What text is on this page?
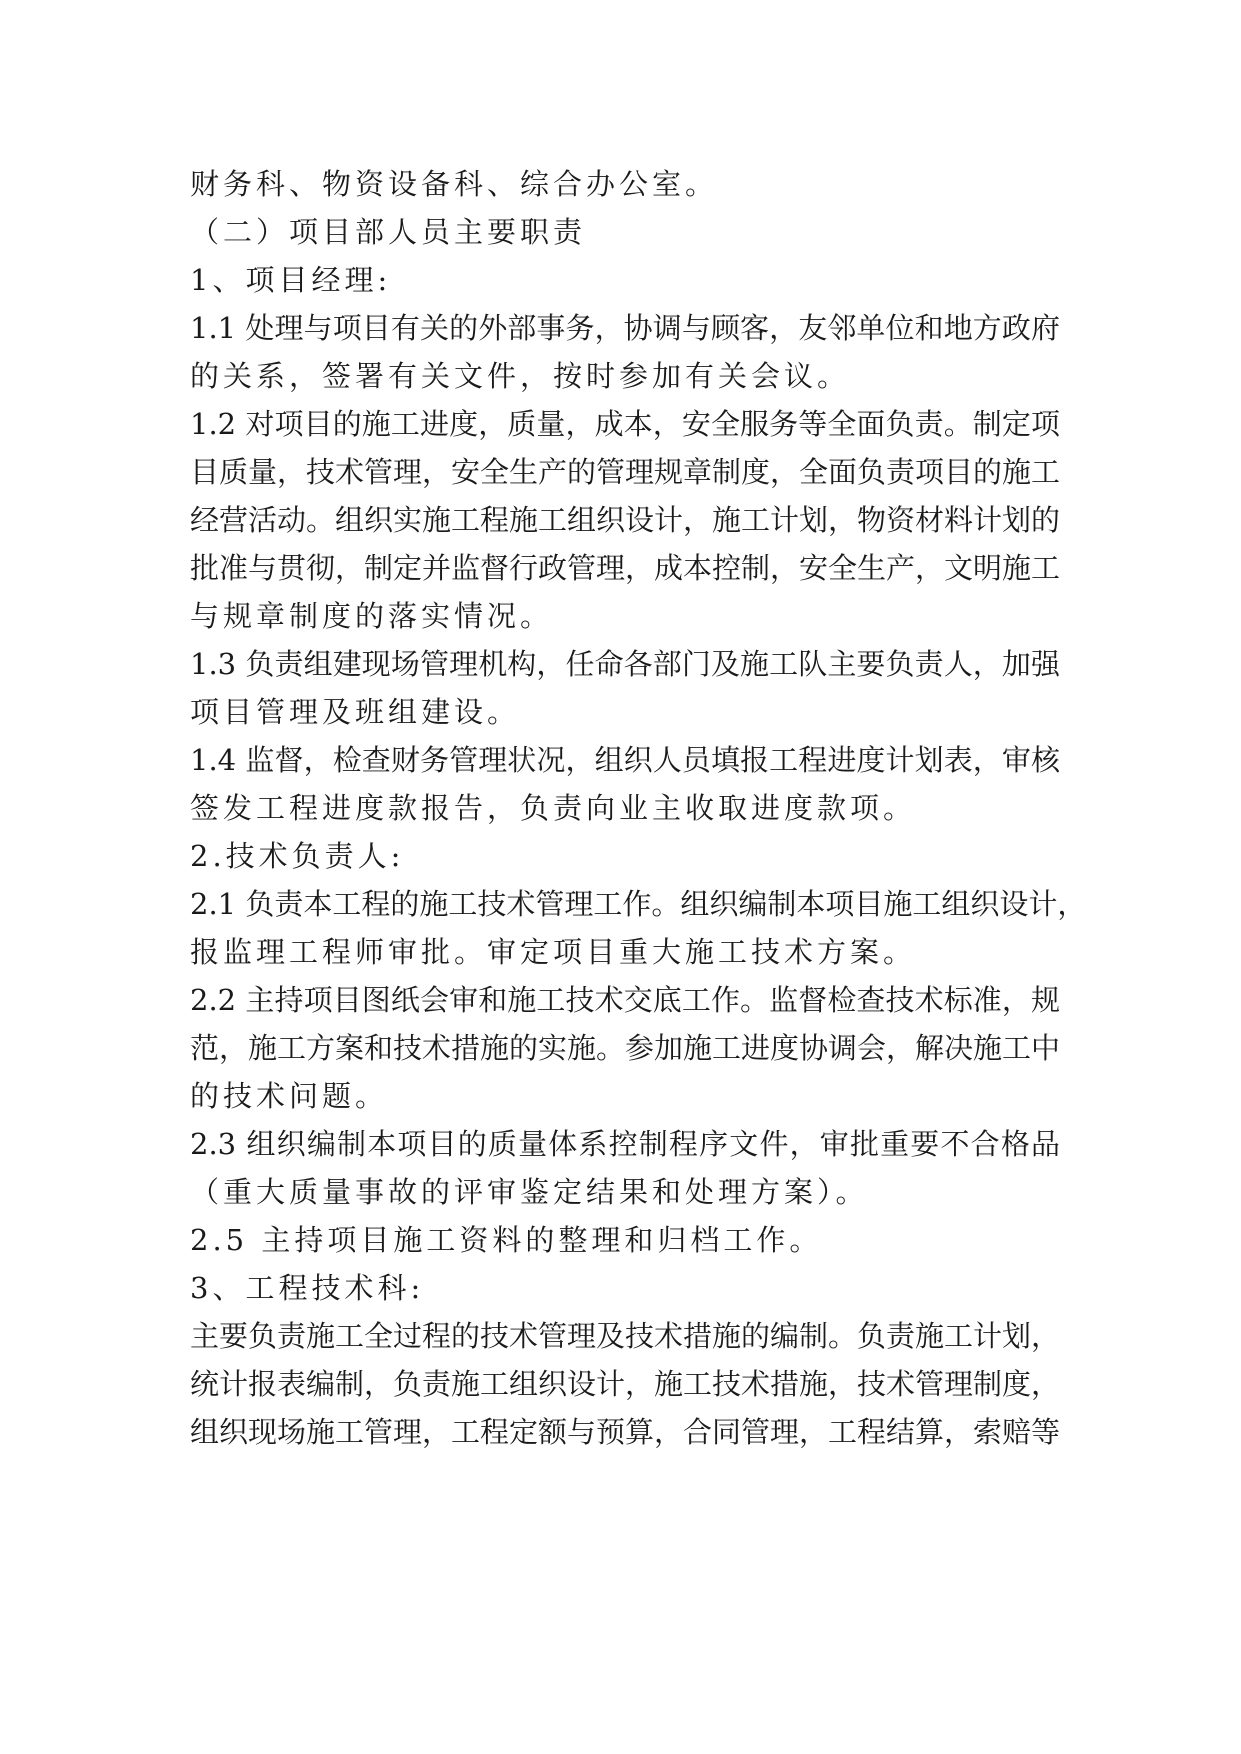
财务科、物资设备科、综合办公室。
（二）项目部人员主要职责
1、项目经理:
1.1 处理与项目有关的外部事务，协调与顾客，友邻单位和地方政府
的关系，签署有关文件，按时参加有关会议。
1.2 对项目的施工进度，质量，成本，安全服务等全面负责。制定项
目质量，技术管理，安全生产的管理规章制度，全面负责项目的施工
经营活动。组织实施工程施工组织设计，施工计划，物资材料计划的
批准与贯彻，制定并监督行政管理，成本控制，安全生产，文明施工
与规章制度的落实情况。
1.3 负责组建现场管理机构，任命各部门及施工队主要负责人，加强
项目管理及班组建设。
1.4 监督，检查财务管理状况，组织人员填报工程进度计划表，审核
签发工程进度款报告，负责向业主收取进度款项。
2.技术负责人:
2.1 负责本工程的施工技术管理工作。组织编制本项目施工组织设计，
报监理工程师审批。审定项目重大施工技术方案。
2.2 主持项目图纸会审和施工技术交底工作。监督检查技术标准，规
范，施工方案和技术措施的实施。参加施工进度协调会，解决施工中
的技术问题。
2.3 组织编制本项目的质量体系控制程序文件，审批重要不合格品
（重大质量事故的评审鉴定结果和处理方案）。
2.5 主持项目施工资料的整理和归档工作。
3、工程技术科:
主要负责施工全过程的技术管理及技术措施的编制。负责施工计划，
统计报表编制，负责施工组织设计，施工技术措施，技术管理制度，
组织现场施工管理，工程定额与预算，合同管理，工程结算，索赔等
